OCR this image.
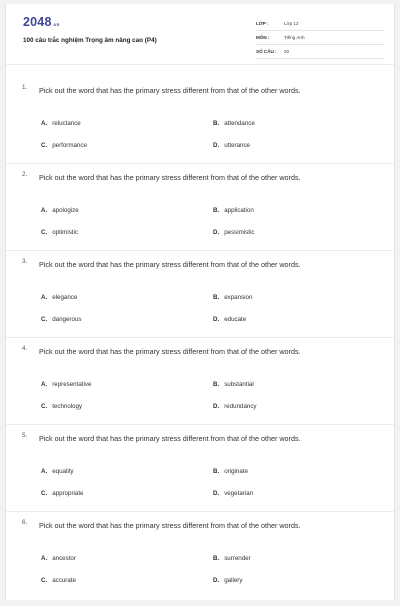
2048.vn
100 câu trắc nghiệm Trọng âm nâng cao (P4)
LỚP :	Lớp 12
MÔN :	Tiếng Anh
SỐ CÂU :	20
1. Pick out the word that has the primary stress different from that of the other words.
A. reluctance	B. attendance
C. performance	D. utterance
2. Pick out the word that has the primary stress different from that of the other words.
A. apologize	B. application
C. optimistic	D. pessimistic
3. Pick out the word that has the primary stress different from that of the other words.
A. elegance	B. expansion
C. dangerous	D. educate
4. Pick out the word that has the primary stress different from that of the other words.
A. representative	B. substantial
C. technology	D. redundancy
5. Pick out the word that has the primary stress different from that of the other words.
A. equality	B. originate
C. appropriate	D. vegetarian
6. Pick out the word that has the primary stress different from that of the other words.
A. ancestor	B. surrender
C. accurate	D. gallery
